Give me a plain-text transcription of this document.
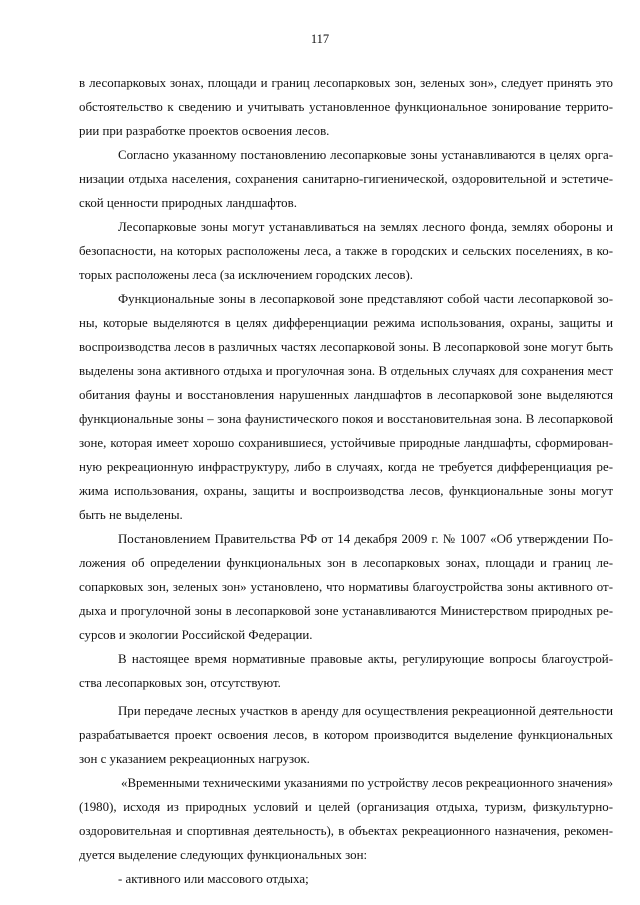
117

в лесопарковых зонах, площади и границ лесопарковых зон, зеленых зон», следует принять это

обстоятельство к сведению и учитывать установленное функциональное зонирование террито-

рии при разработке проектов освоения лесов.

Согласно указанному постановлению лесопарковые зоны устанавливаются в целях орга-

низации отдыха населения, сохранения санитарно-гигиенической, оздоровительной и эстетиче-

ской ценности природных ландшафтов.

Лесопарковые зоны могут устанавливаться на землях лесного фонда, землях обороны и

безопасности, на которых расположены леса, а также в городских и сельских поселениях, в ко-

торых расположены леса (за исключением городских лесов).

Функциональные зоны в лесопарковой зоне представляют собой части лесопарковой зо-

ны, которые выделяются в целях дифференциации режима использования, охраны, защиты и

воспроизводства лесов в различных частях лесопарковой зоны. В лесопарковой зоне могут быть

выделены зона активного отдыха и прогулочная зона. В отдельных случаях для сохранения мест

обитания фауны и восстановления нарушенных ландшафтов в лесопарковой зоне выделяются

функциональные зоны – зона фаунистического покоя и восстановительная зона. В лесопарковой

зоне, которая имеет хорошо сохранившиеся, устойчивые природные ландшафты, сформирован-

ную рекреационную инфраструктуру, либо в случаях, когда не требуется дифференциация ре-

жима использования, охраны, защиты и воспроизводства лесов, функциональные зоны могут

быть не выделены.

Постановлением Правительства РФ от 14 декабря 2009 г. № 1007 «Об утверждении По-

ложения об определении функциональных зон в лесопарковых зонах, площади и границ ле-

сопарковых зон, зеленых зон» установлено, что нормативы благоустройства зоны активного от-

дыха и прогулочной зоны в лесопарковой зоне устанавливаются Министерством природных ре-

сурсов и экологии Российской Федерации.

В настоящее время нормативные правовые акты, регулирующие вопросы благоустрой-

ства лесопарковых зон, отсутствуют.

При передаче лесных участков в аренду для осуществления рекреационной деятельности

разрабатывается проект освоения лесов, в котором производится выделение функциональных

зон с указанием рекреационных нагрузок.

«Временными техническими указаниями по устройству лесов рекреационного значения»

(1980), исходя из природных условий и целей (организация отдыха, туризм, физкультурно-

оздоровительная и спортивная деятельность), в объектах рекреационного назначения, рекомен-

дуется выделение следующих функциональных зон:

- активного или массового отдыха;
